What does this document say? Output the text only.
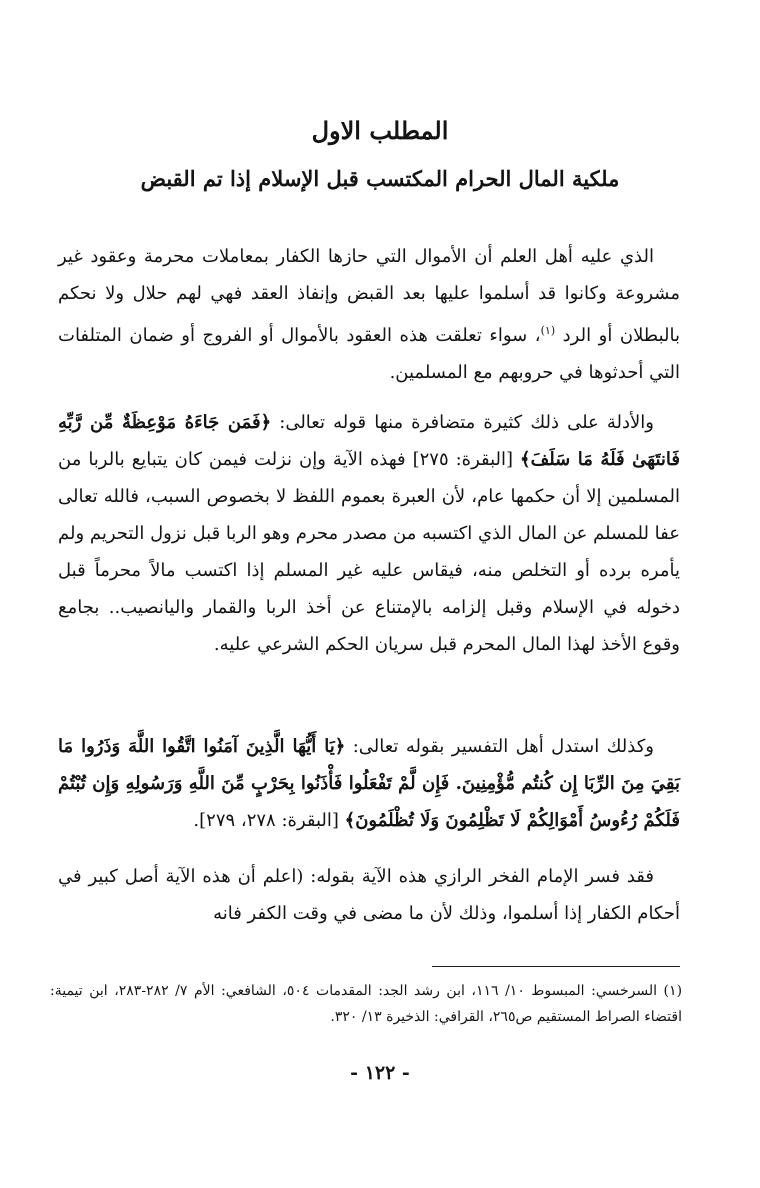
المطلب الاول
ملكية المال الحرام المكتسب قبل الإسلام إذا تم القبض

الذي عليه أهل العلم أن الأموال التي حازها الكفار بمعاملات محرمة وعقود غير مشروعة وكانوا قد أسلموا عليها بعد القبض وإنفاذ العقد فهي لهم حلال ولا نحكم بالبطلان أو الرد $^{(١)}$، سواء تعلقت هذه العقود بالأموال أو الفروج أو ضمان المتلفات التي أحدثوها في حروبهم مع المسلمين.

والأدلة على ذلك كثيرة متضافرة منها قوله تعالى: ﴿فَمَن جَاءَهُ مَوْعِظَةٌ مِّن رَّبِّهِ فَانتَهَىٰ فَلَهُ مَا سَلَفَ﴾ [البقرة: ٢٧٥] فهذه الآية وإن نزلت فيمن كان يتبايع بالربا من المسلمين إلا أن حكمها عام، لأن العبرة بعموم اللفظ لا بخصوص السبب، فالله تعالى عفا للمسلم عن المال الذي اكتسبه من مصدر محرم وهو الربا قبل نزول التحريم ولم يأمره برده أو التخلص منه، فيقاس عليه غير المسلم إذا اكتسب مالاً محرماً قبل دخوله في الإسلام وقبل إلزامه بالإمتناع عن أخذ الربا والقمار واليانصيب.. بجامع وقوع الأخذ لهذا المال المحرم قبل سريان الحكم الشرعي عليه.

وكذلك استدل أهل التفسير بقوله تعالى: ﴿يَا أَيُّهَا الَّذِينَ آمَنُوا اتَّقُوا اللَّهَ وَذَرُوا مَا بَقِيَ مِنَ الرِّبَا إِن كُنتُم مُّؤْمِنِينَ. فَإِن لَّمْ تَفْعَلُوا فَأْذَنُوا بِحَرْبٍ مِّنَ اللَّهِ وَرَسُولِهِ وَإِن تُبْتُمْ فَلَكُمْ رُءُوسُ أَمْوَالِكُمْ لَا تَظْلِمُونَ وَلَا تُظْلَمُونَ﴾ [البقرة: ٢٧٨، ٢٧٩].

فقد فسر الإمام الفخر الرازي هذه الآية بقوله: (اعلم أن هذه الآية أصل كبير في أحكام الكفار إذا أسلموا، وذلك لأن ما مضى في وقت الكفر فانه

(١) السرخسي: المبسوط ١٠/ ١١٦، ابن رشد الجد: المقدمات ٥٠٤، الشافعي: الأم ٧/ ٢٨٢-٢٨٣، ابن تيمية: اقتضاء الصراط المستقيم ص٢٦٥، القرافي: الذخيرة ١٣/ ٣٢٠.

- ١٢٢ -
